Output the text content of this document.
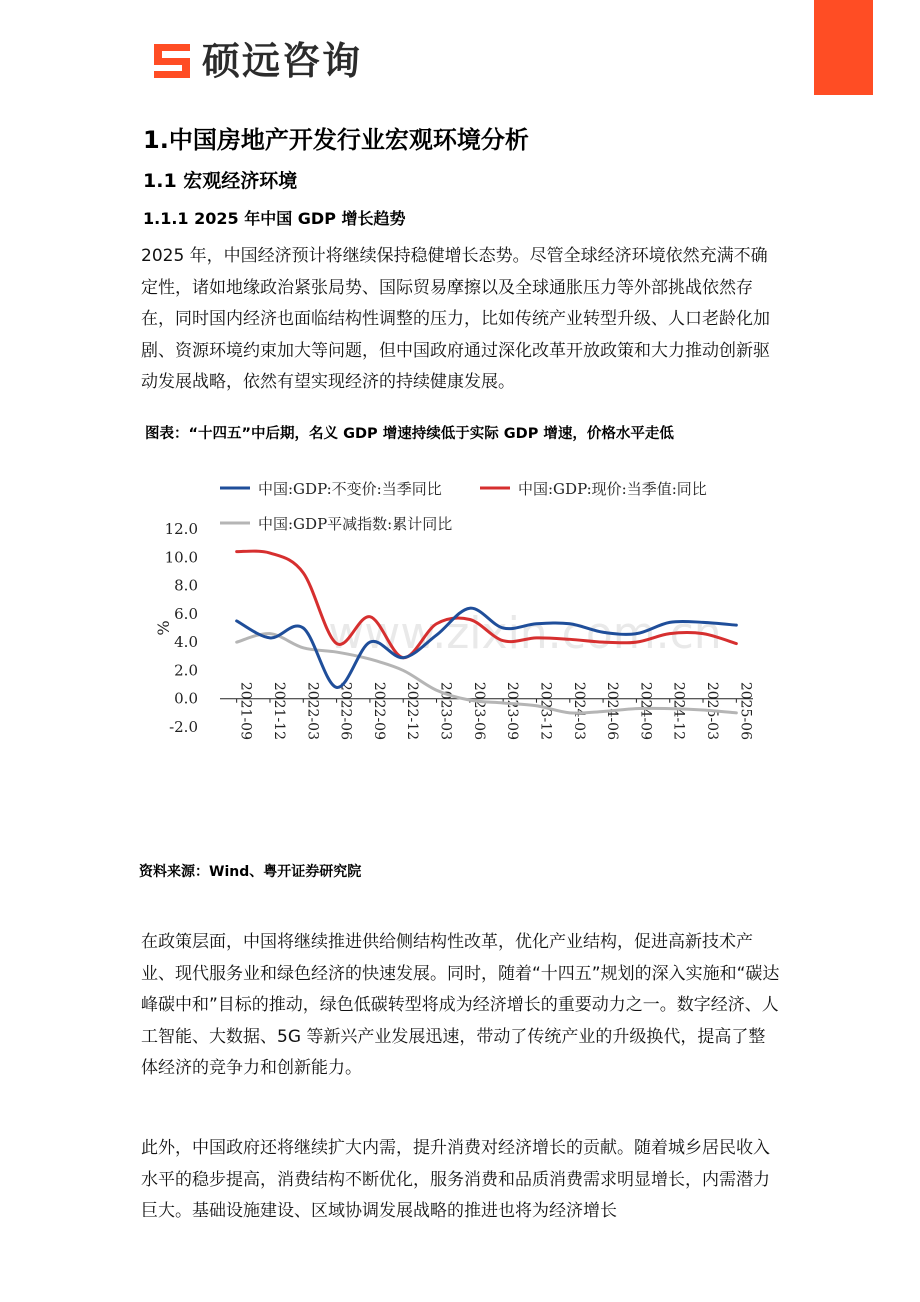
硕远咨询
1.中国房地产开发行业宏观环境分析
1.1 宏观经济环境
1.1.1 2025 年中国 GDP 增长趋势
2025 年，中国经济预计将继续保持稳健增长态势。尽管全球经济环境依然充满不确定性，诸如地缘政治紧张局势、国际贸易摩擦以及全球通胀压力等外部挑战依然存在，同时国内经济也面临结构性调整的压力，比如传统产业转型升级、人口老龄化加剧、资源环境约束加大等问题，但中国政府通过深化改革开放政策和大力推动创新驱动发展战略，依然有望实现经济的持续健康发展。
图表：“十四五”中后期，名义 GDP 增速持续低于实际 GDP 增速，价格水平走低
中国:GDP:不变价:当季同比	中国:GDP:现价:当季值:同比
中国:GDP平减指数:累计同比
www.zixin.com.cn
12.0
10.0
8.0
6.0
4.0
2.0
0.0
-2.0
%
2021-09 2021-12 2022-03 2022-06 2022-09 2022-12 2023-03 2023-06 2023-09 2023-12 2024-03 2024-06 2024-09 2024-12 2025-03 2025-06
资料来源：Wind、粤开证券研究院
在政策层面，中国将继续推进供给侧结构性改革，优化产业结构，促进高新技术产业、现代服务业和绿色经济的快速发展。同时，随着“十四五”规划的深入实施和“碳达峰碳中和”目标的推动，绿色低碳转型将成为经济增长的重要动力之一。数字经济、人工智能、大数据、5G 等新兴产业发展迅速，带动了传统产业的升级换代，提高了整体经济的竞争力和创新能力。
此外，中国政府还将继续扩大内需，提升消费对经济增长的贡献。随着城乡居民收入水平的稳步提高，消费结构不断优化，服务消费和品质消费需求明显增长，内需潜力巨大。基础设施建设、区域协调发展战略的推进也将为经济增长
